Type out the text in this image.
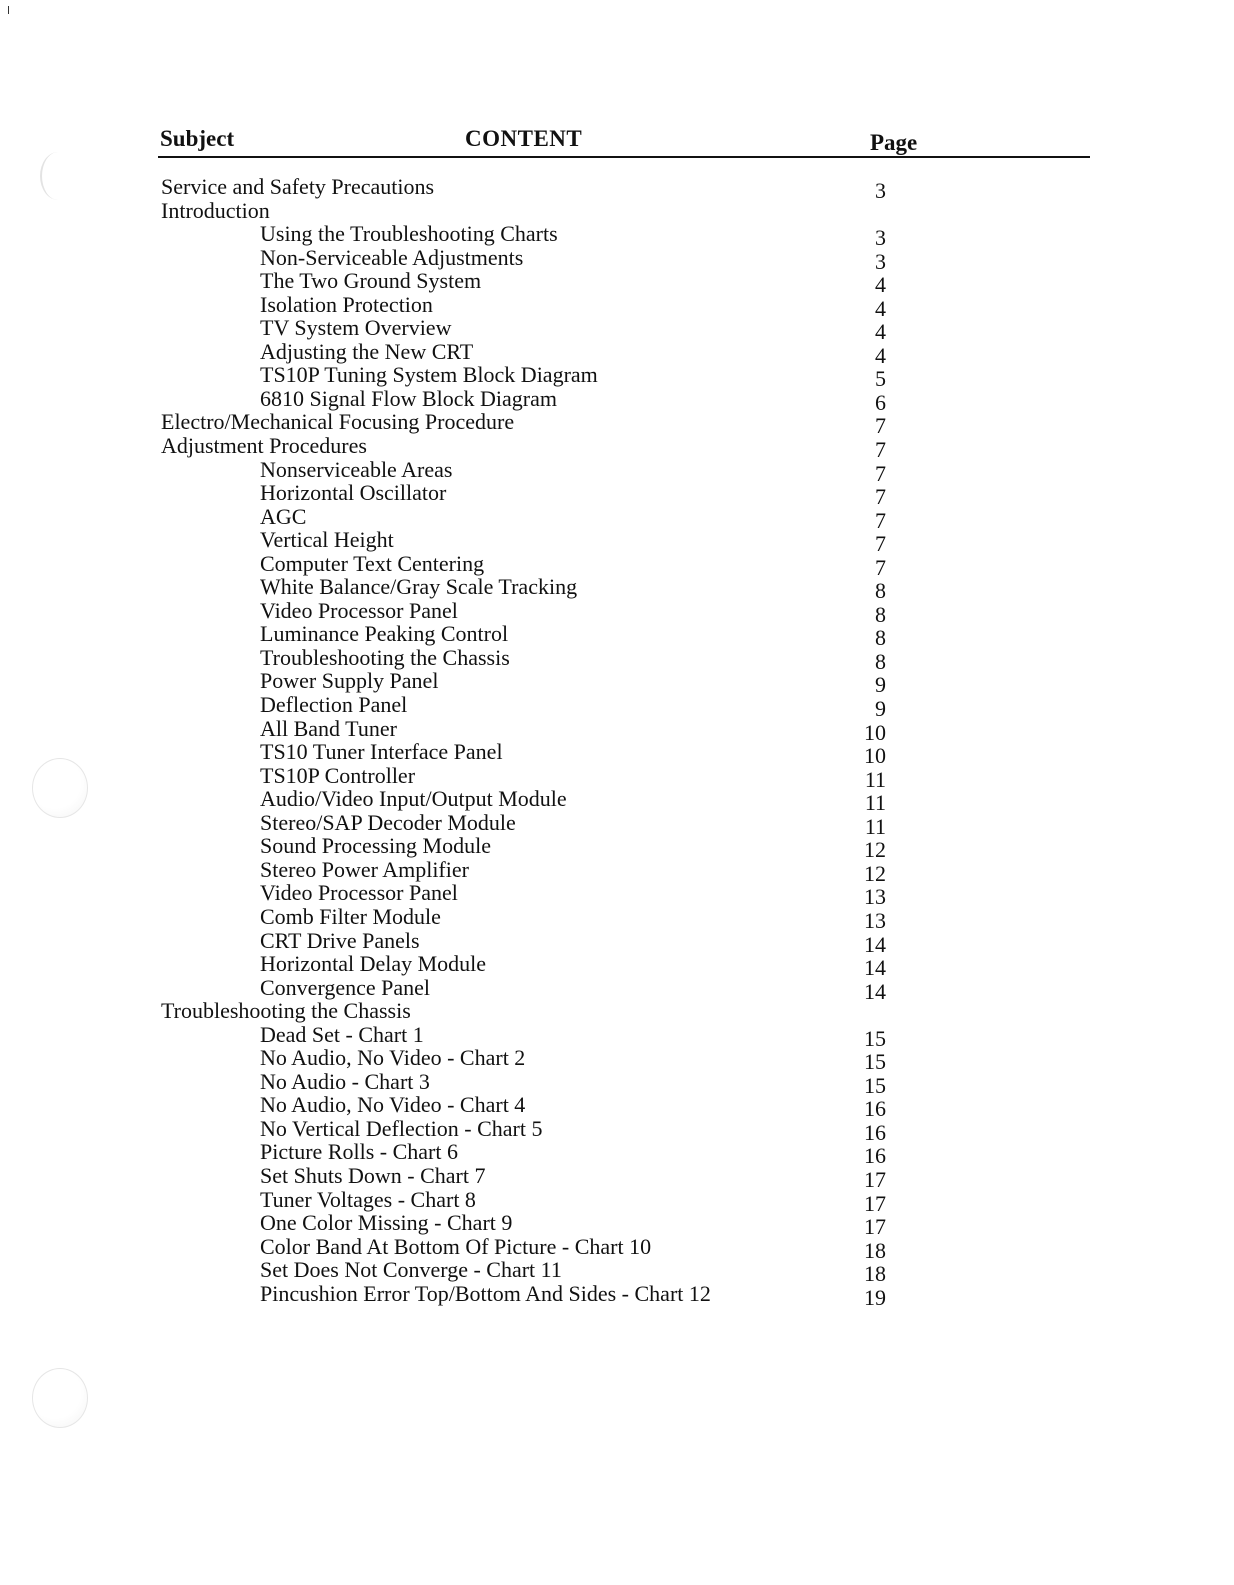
Subject	CONTENT	Page
Service and Safety Precautions	3
Introduction
Using the Troubleshooting Charts	3
Non-Serviceable Adjustments	3
The Two Ground System	4
Isolation Protection	4
TV System Overview	4
Adjusting the New CRT	4
TS10P Tuning System Block Diagram	5
6810 Signal Flow Block Diagram	6
Electro/Mechanical Focusing Procedure	7
Adjustment Procedures	7
Nonserviceable Areas	7
Horizontal Oscillator	7
AGC	7
Vertical Height	7
Computer Text Centering	7
White Balance/Gray Scale Tracking	8
Video Processor Panel	8
Luminance Peaking Control	8
Troubleshooting the Chassis	8
Power Supply Panel	9
Deflection Panel	9
All Band Tuner	10
TS10 Tuner Interface Panel	10
TS10P Controller	11
Audio/Video Input/Output Module	11
Stereo/SAP Decoder Module	11
Sound Processing Module	12
Stereo Power Amplifier	12
Video Processor Panel	13
Comb Filter Module	13
CRT Drive Panels	14
Horizontal Delay Module	14
Convergence Panel	14
Troubleshooting the Chassis
Dead Set - Chart 1	15
No Audio, No Video - Chart 2	15
No Audio - Chart 3	15
No Audio, No Video - Chart 4	16
No Vertical Deflection - Chart 5	16
Picture Rolls - Chart 6	16
Set Shuts Down - Chart 7	17
Tuner Voltages - Chart 8	17
One Color Missing - Chart 9	17
Color Band At Bottom Of Picture - Chart 10	18
Set Does Not Converge - Chart 11	18
Pincushion Error Top/Bottom And Sides - Chart 12	19
